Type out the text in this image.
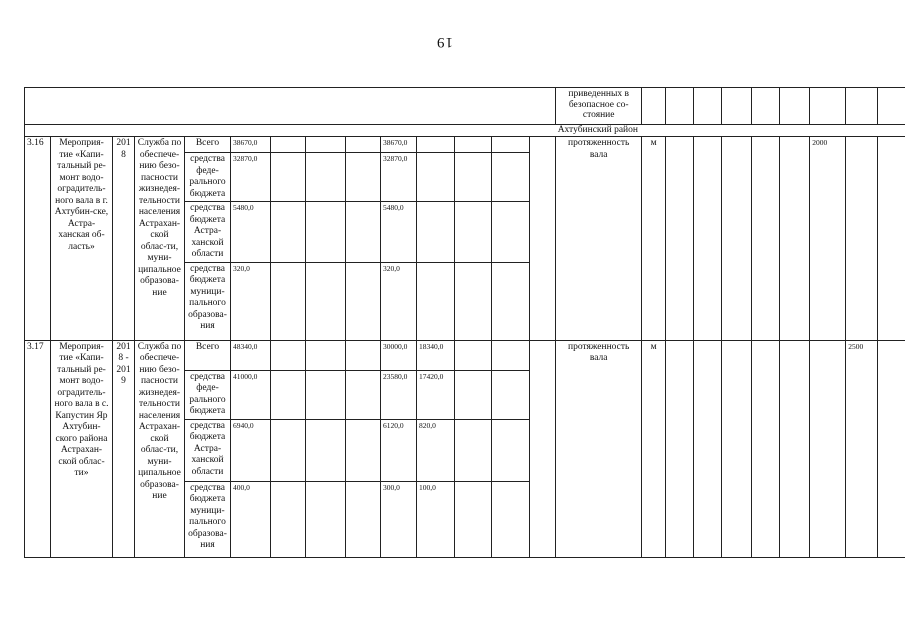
19
														приведенных в безопасное со-стояние										
														Ахтубинский район										
3.16	Мероприя-тие «Капи-тальный ре-монт водо-оградитель-ного вала в г. Ахтубин-ске, Астра-ханская об-ласть»	2018	Служба по обеспече-нию безо-пасности жизнедея-тельности населения Астрахан-ской облас-ти, муни-ципальное образова-ние	Всего	38670,0				38670,0					протяженность вала	м						2000			
				средства феде-рального бюджета	32870,0				32870,0															
				средства бюджета Астра-ханской области	5480,0				5480,0															
				средства бюджета муници-пального образова-ния	320,0				320,0															
3.17	Мероприя-тие «Капи-тальный ре-монт водо-оградитель-ного вала в с. Капустин Яр Ахтубин-ского района Астрахан-ской облас-ти»	2018 - 2019	Служба по обеспече-нию безо-пасности жизнедея-тельности населения Астрахан-ской облас-ти, муни-ципальное образова-ние	Всего	48340,0				30000,0	18340,0				протяженность вала	м							2500		
				средства феде-рального бюджета	41000,0				23580,0	17420,0														
				средства бюджета Астра-ханской области	6940,0				6120,0	820,0														
				средства бюджета муници-пального образова-ния	400,0				300,0	100,0														
